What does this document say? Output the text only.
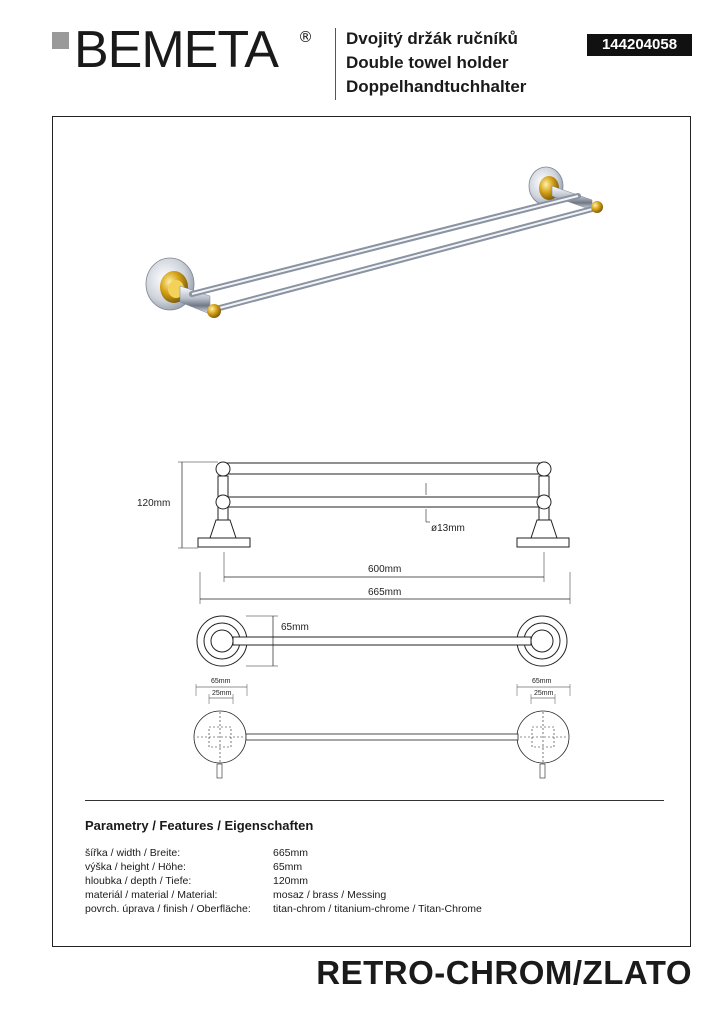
BEMETA ® Dvojitý držák ručníků
Double towel holder
Doppelhandtuchhalter
144204058
120mm
ø13mm
600mm
665mm
65mm
65mm
25mm
65mm
25mm
Parametry / Features / Eigenschaften
šířka / width / Breite:	665mm
výška / height / Höhe:	65mm
hloubka / depth / Tiefe:	120mm
materiál / material / Material:	mosaz / brass / Messing
povrch. úprava / finish / Oberfläche:	titan-chrom / titanium-chrome / Titan-Chrome
RETRO-CHROM/ZLATO
